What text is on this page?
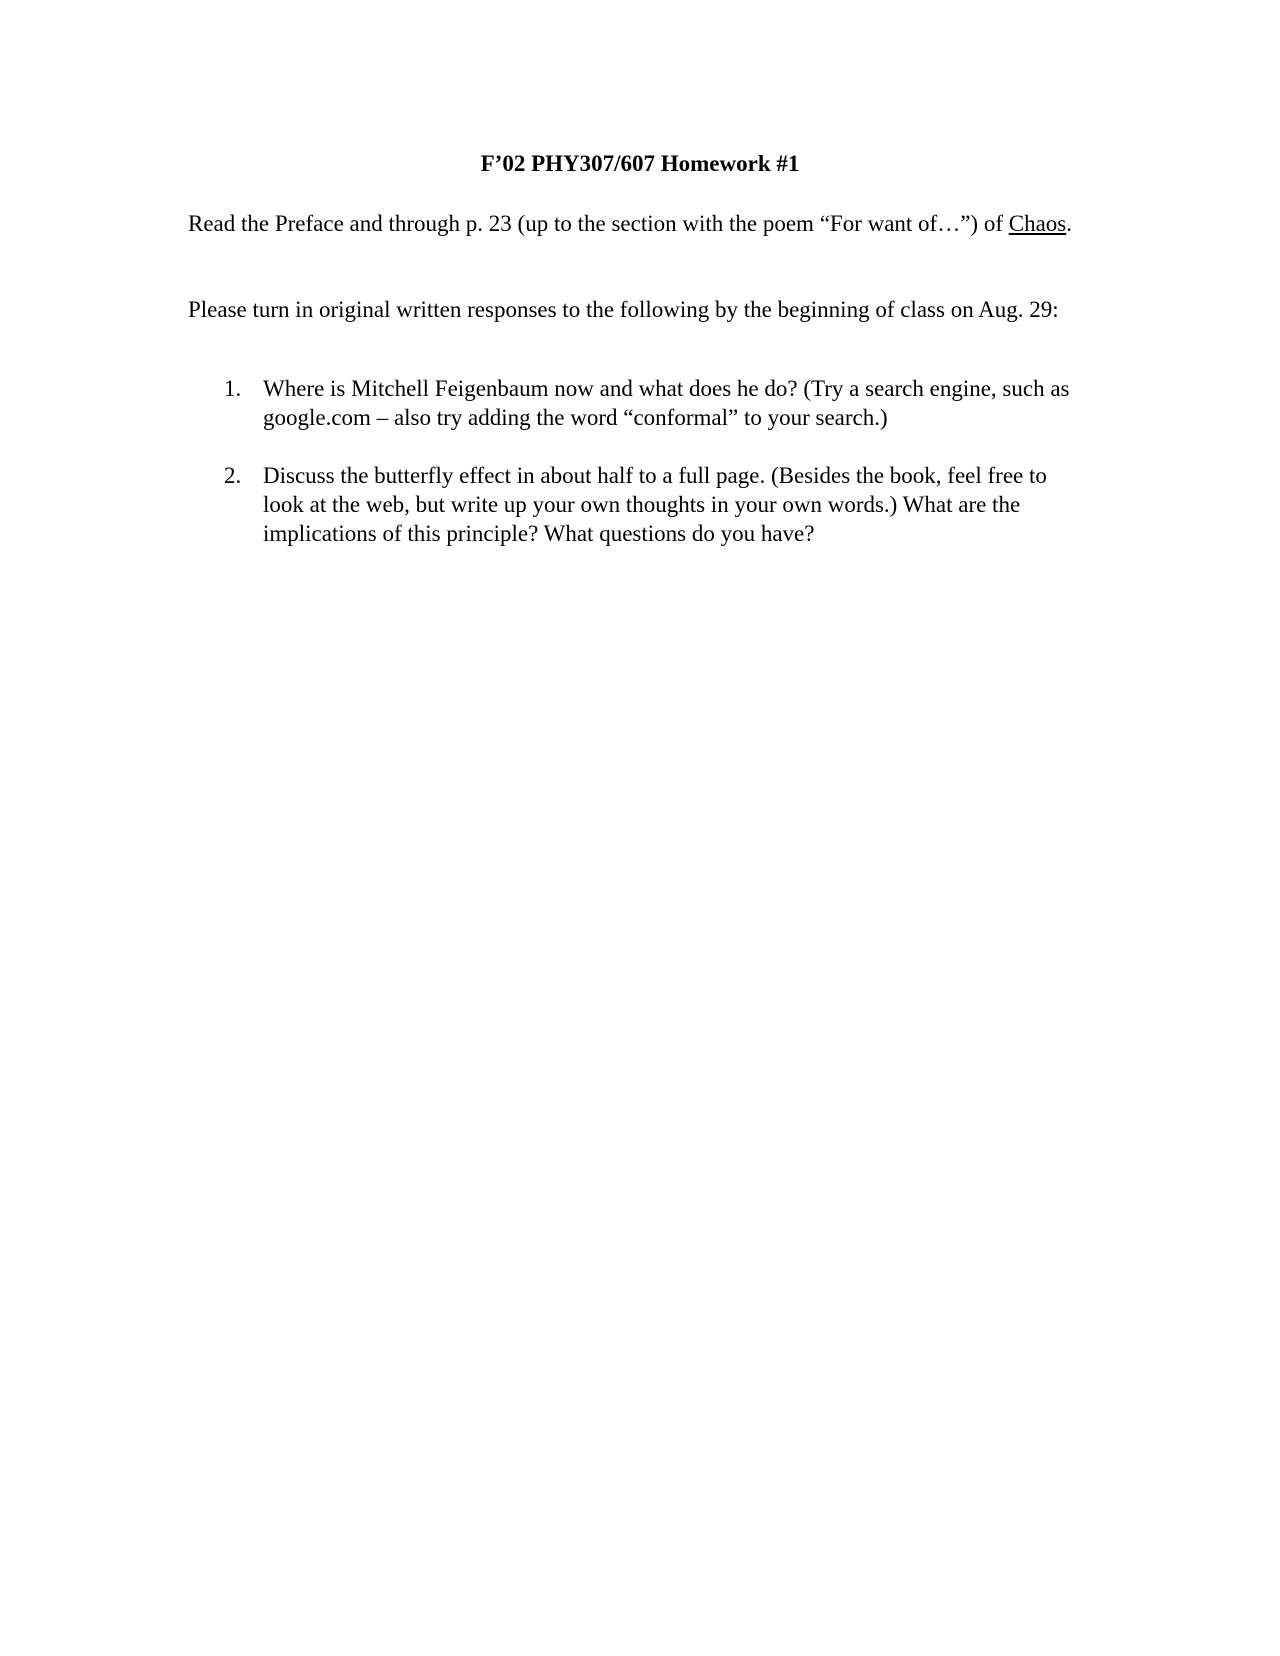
F’02 PHY307/607 Homework #1

Read the Preface and through p. 23 (up to the section with the poem “For want of…”) of Chaos.

Please turn in original written responses to the following by the beginning of class on Aug. 29:

1. Where is Mitchell Feigenbaum now and what does he do? (Try a search engine, such as google.com – also try adding the word “conformal” to your search.)
2. Discuss the butterfly effect in about half to a full page. (Besides the book, feel free to look at the web, but write up your own thoughts in your own words.) What are the implications of this principle? What questions do you have?
